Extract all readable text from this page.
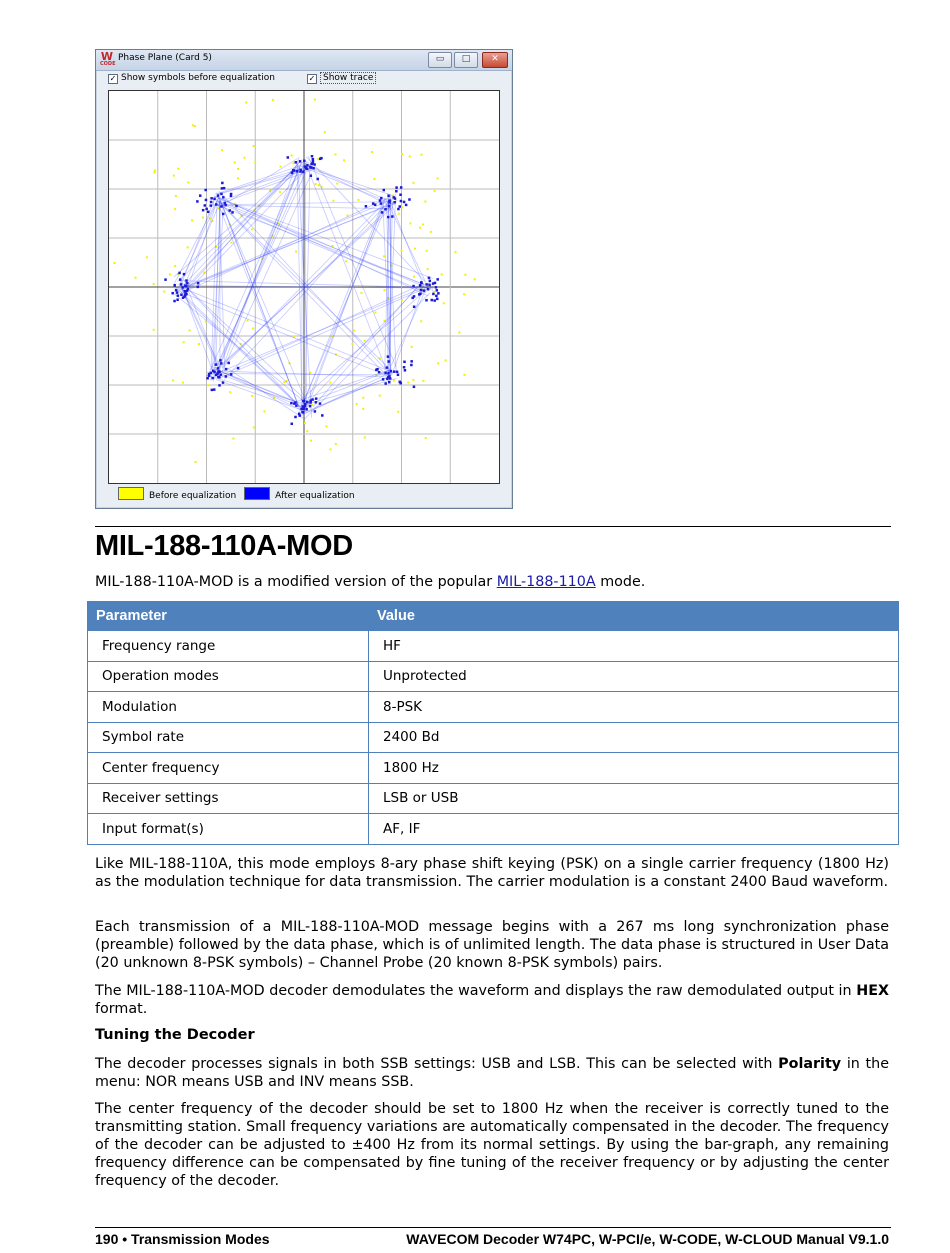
W
CODE
Phase Plane (Card 5)	▭	□	✕
✓ Show symbols before equalization	✓ Show trace
Before equalization	After equalization
MIL-188-110A-MOD

MIL-188-110A-MOD is a modified version of the popular MIL-188-110A mode.

Parameter	Value
Frequency range	HF
Operation modes	Unprotected
Modulation	8-PSK
Symbol rate	2400 Bd
Center frequency	1800 Hz
Receiver settings	LSB or USB
Input format(s)	AF, IF

Like MIL-188-110A, this mode employs 8-ary phase shift keying (PSK) on a single carrier frequency (1800 Hz) as the modulation technique for data transmission. The carrier modulation is a constant 2400 Baud waveform.

Each transmission of a MIL-188-110A-MOD message begins with a 267 ms long synchronization phase (preamble) followed by the data phase, which is of unlimited length. The data phase is structured in User Data (20 unknown 8-PSK symbols) – Channel Probe (20 known 8-PSK symbols) pairs.

The MIL-188-110A-MOD decoder demodulates the waveform and displays the raw demodulated output in HEX format.

Tuning the Decoder

The decoder processes signals in both SSB settings: USB and LSB. This can be selected with Polarity in the menu: NOR means USB and INV means SSB.

The center frequency of the decoder should be set to 1800 Hz when the receiver is correctly tuned to the transmitting station. Small frequency variations are automatically compensated in the decoder. The frequency of the decoder can be adjusted to ±400 Hz from its normal settings. By using the bar-graph, any remaining frequency difference can be compensated by fine tuning of the receiver frequency or by adjusting the center frequency of the decoder.

190 • Transmission Modes	WAVECOM Decoder W74PC, W-PCI/e, W-CODE, W-CLOUD Manual V9.1.0
